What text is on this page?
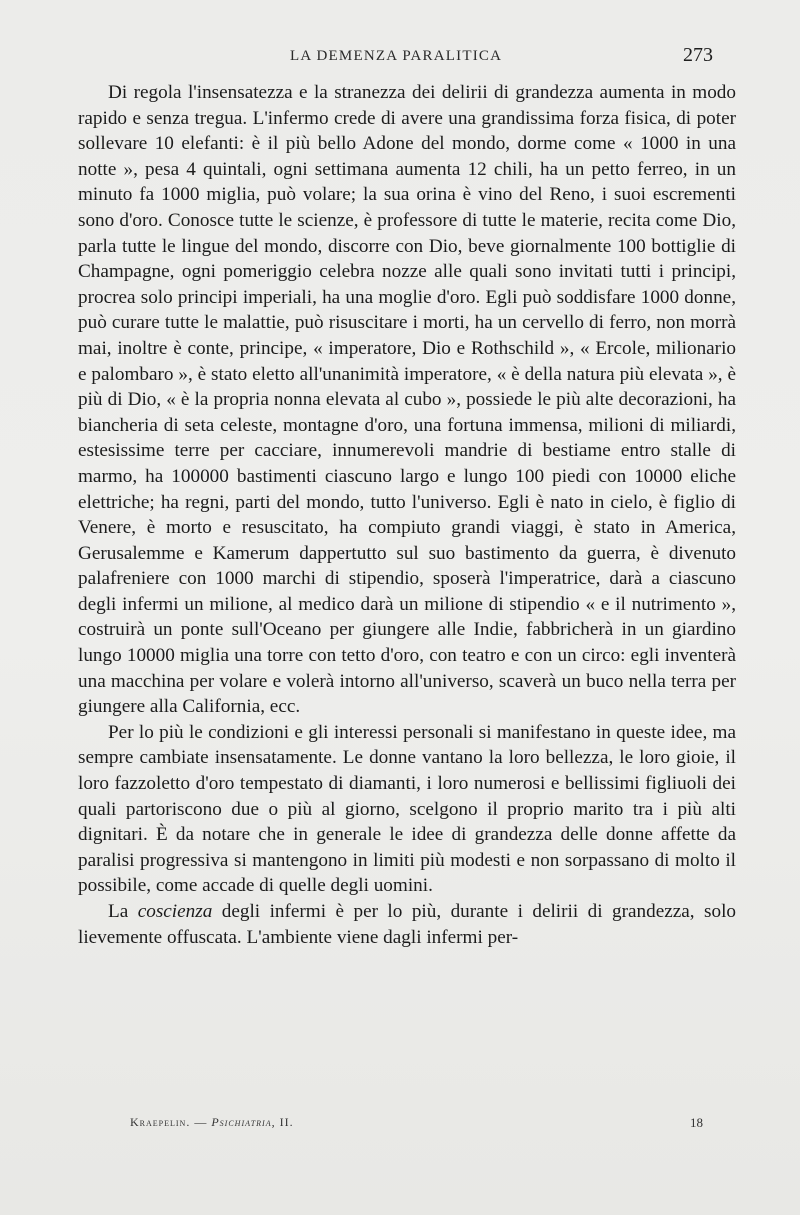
LA DEMENZA PARALITICA	273

Di regola l'insensatezza e la stranezza dei delirii di grandezza aumenta in modo rapido e senza tregua. L'infermo crede di avere una grandissima forza fisica, di poter sollevare 10 elefanti: è il più bello Adone del mondo, dorme come « 1000 in una notte », pesa 4 quintali, ogni settimana aumenta 12 chili, ha un petto ferreo, in un minuto fa 1000 miglia, può volare; la sua orina è vino del Reno, i suoi escrementi sono d'oro. Conosce tutte le scienze, è professore di tutte le materie, recita come Dio, parla tutte le lingue del mondo, discorre con Dio, beve giornalmente 100 bottiglie di Champagne, ogni pomeriggio celebra nozze alle quali sono invitati tutti i principi, procrea solo principi imperiali, ha una moglie d'oro. Egli può soddisfare 1000 donne, può curare tutte le malattie, può risuscitare i morti, ha un cervello di ferro, non morrà mai, inoltre è conte, principe, « imperatore, Dio e Rothschild », « Ercole, milionario e palombaro », è stato eletto all'unanimità imperatore, « è della natura più elevata », è più di Dio, « è la propria nonna elevata al cubo », possiede le più alte decorazioni, ha biancheria di seta celeste, montagne d'oro, una fortuna immensa, milioni di miliardi, estesissime terre per cacciare, innumerevoli mandrie di bestiame entro stalle di marmo, ha 100000 bastimenti ciascuno largo e lungo 100 piedi con 10000 eliche elettriche; ha regni, parti del mondo, tutto l'universo. Egli è nato in cielo, è figlio di Venere, è morto e resuscitato, ha compiuto grandi viaggi, è stato in America, Gerusalemme e Kamerum dappertutto sul suo bastimento da guerra, è divenuto palafreniere con 1000 marchi di stipendio, sposerà l'imperatrice, darà a ciascuno degli infermi un milione, al medico darà un milione di stipendio « e il nutrimento », costruirà un ponte sull'Oceano per giungere alle Indie, fabbricherà in un giardino lungo 10000 miglia una torre con tetto d'oro, con teatro e con un circo: egli inventerà una macchina per volare e volerà intorno all'universo, scaverà un buco nella terra per giungere alla California, ecc.

Per lo più le condizioni e gli interessi personali si manifestano in queste idee, ma sempre cambiate insensatamente. Le donne vantano la loro bellezza, le loro gioie, il loro fazzoletto d'oro tempestato di diamanti, i loro numerosi e bellissimi figliuoli dei quali partoriscono due o più al giorno, scelgono il proprio marito tra i più alti dignitari. È da notare che in generale le idee di grandezza delle donne affette da paralisi progressiva si mantengono in limiti più modesti e non sorpassano di molto il possibile, come accade di quelle degli uomini.

La coscienza degli infermi è per lo più, durante i delirii di grandezza, solo lievemente offuscata. L'ambiente viene dagli infermi per-

Kraepelin. — Psichiatria, II.	18
